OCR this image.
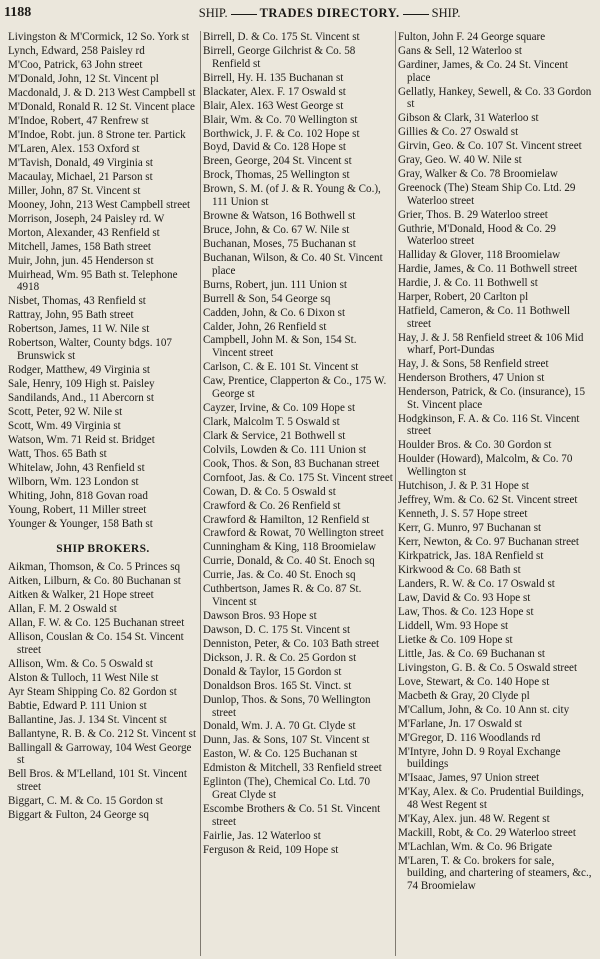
1188	SHIP.	TRADES DIRECTORY.	SHIP.

Livingston & M'Cormick, 12 So. York st

Lynch, Edward, 258 Paisley rd

M'Coo, Patrick, 63 John street

M'Donald, John, 12 St. Vincent pl

Macdonald, J. & D. 213 West Campbell st

M'Donald, Ronald R. 12 St. Vincent place

M'Indoe, Robert, 47 Renfrew st

M'Indoe, Robt. jun. 8 Strone ter. Partick

M'Laren, Alex. 153 Oxford st

M'Tavish, Donald, 49 Virginia st

Macaulay, Michael, 21 Parson st

Miller, John, 87 St. Vincent st

Mooney, John, 213 West Campbell street

Morrison, Joseph, 24 Paisley rd. W

Morton, Alexander, 43 Renfield st

Mitchell, James, 158 Bath street

Muir, John, jun. 45 Henderson st

Muirhead, Wm. 95 Bath st. Telephone 4918

Nisbet, Thomas, 43 Renfield st

Rattray, John, 95 Bath street

Robertson, James, 11 W. Nile st

Robertson, Walter, County bdgs. 107 Brunswick st

Rodger, Matthew, 49 Virginia st

Sale, Henry, 109 High st. Paisley

Sandilands, And., 11 Abercorn st

Scott, Peter, 92 W. Nile st

Scott, Wm. 49 Virginia st

Watson, Wm. 71 Reid st. Bridget

Watt, Thos. 65 Bath st

Whitelaw, John, 43 Renfield st

Wilborn, Wm. 123 London st

Whiting, John, 818 Govan road

Young, Robert, 11 Miller street

Younger & Younger, 158 Bath st

SHIP BROKERS.

Aikman, Thomson, & Co. 5 Princes sq

Aitken, Lilburn, & Co. 80 Buchanan st

Aitken & Walker, 21 Hope street

Allan, F. M. 2 Oswald st

Allan, F. W. & Co. 125 Buchanan street

Allison, Couslan & Co. 154 St. Vincent street

Allison, Wm. & Co. 5 Oswald st

Alston & Tulloch, 11 West Nile st

Ayr Steam Shipping Co. 82 Gordon st

Babtie, Edward P. 111 Union st

Ballantine, Jas. J. 134 St. Vincent st

Ballantyne, R. B. & Co. 212 St. Vincent st

Ballingall & Garroway, 104 West George st

Bell Bros. & M'Lelland, 101 St. Vincent street

Biggart, C. M. & Co. 15 Gordon st

Biggart & Fulton, 24 George sq

Birrell, D. & Co. 175 St. Vincent st

Birrell, George Gilchrist & Co. 58 Renfield st

Birrell, Hy. H. 135 Buchanan st

Blackater, Alex. F. 17 Oswald st

Blair, Alex. 163 West George st

Blair, Wm. & Co. 70 Wellington st

Borthwick, J. F. & Co. 102 Hope st

Boyd, David & Co. 128 Hope st

Breen, George, 204 St. Vincent st

Brock, Thomas, 25 Wellington st

Brown, S. M. (of J. & R. Young & Co.), 111 Union st

Browne & Watson, 16 Bothwell st

Bruce, John, & Co. 67 W. Nile st

Buchanan, Moses, 75 Buchanan st

Buchanan, Wilson, & Co. 40 St. Vincent place

Burns, Robert, jun. 111 Union st

Burrell & Son, 54 George sq

Cadden, John, & Co. 6 Dixon st

Calder, John, 26 Renfield st

Campbell, John M. & Son, 154 St. Vincent street

Carlson, C. & E. 101 St. Vincent st

Caw, Prentice, Clapperton & Co., 175 W. George st

Cayzer, Irvine, & Co. 109 Hope st

Clark, Malcolm T. 5 Oswald st

Clark & Service, 21 Bothwell st

Colvils, Lowden & Co. 111 Union st

Cook, Thos. & Son, 83 Buchanan street

Cornfoot, Jas. & Co. 175 St. Vincent street

Cowan, D. & Co. 5 Oswald st

Crawford & Co. 26 Renfield st

Crawford & Hamilton, 12 Renfield st

Crawford & Rowat, 70 Wellington street

Cunningham & King, 118 Broomielaw

Currie, Donald, & Co. 40 St. Enoch sq

Currie, Jas. & Co. 40 St. Enoch sq

Cuthbertson, James R. & Co. 87 St. Vincent st

Dawson Bros. 93 Hope st

Dawson, D. C. 175 St. Vincent st

Denniston, Peter, & Co. 103 Bath street

Dickson, J. R. & Co. 25 Gordon st

Donald & Taylor, 15 Gordon st

Donaldson Bros. 165 St. Vinct. st

Dunlop, Thos. & Sons, 70 Wellington street

Donald, Wm. J. A. 70 Gt. Clyde st

Dunn, Jas. & Sons, 107 St. Vincent st

Easton, W. & Co. 125 Buchanan st

Edmiston & Mitchell, 33 Renfield street

Eglinton (The), Chemical Co. Ltd. 70 Great Clyde st

Escombe Brothers & Co. 51 St. Vincent street

Fairlie, Jas. 12 Waterloo st

Ferguson & Reid, 109 Hope st

Fulton, John F. 24 George square

Gans & Sell, 12 Waterloo st

Gardiner, James, & Co. 24 St. Vincent place

Gellatly, Hankey, Sewell, & Co. 33 Gordon st

Gibson & Clark, 31 Waterloo st

Gillies & Co. 27 Oswald st

Girvin, Geo. & Co. 107 St. Vincent street

Gray, Geo. W. 40 W. Nile st

Gray, Walker & Co. 78 Broomielaw

Greenock (The) Steam Ship Co. Ltd. 29 Waterloo street

Grier, Thos. B. 29 Waterloo street

Guthrie, M'Donald, Hood & Co. 29 Waterloo street

Halliday & Glover, 118 Broomielaw

Hardie, James, & Co. 11 Bothwell street

Hardie, J. & Co. 11 Bothwell st

Harper, Robert, 20 Carlton pl

Hatfield, Cameron, & Co. 11 Bothwell street

Hay, J. & J. 58 Renfield street & 106 Mid wharf, Port-Dundas

Hay, J. & Sons, 58 Renfield street

Henderson Brothers, 47 Union st

Henderson, Patrick, & Co. (insurance), 15 St. Vincent place

Hodgkinson, F. A. & Co. 116 St. Vincent street

Houlder Bros. & Co. 30 Gordon st

Houlder (Howard), Malcolm, & Co. 70 Wellington st

Hutchison, J. & P. 31 Hope st

Jeffrey, Wm. & Co. 62 St. Vincent street

Kenneth, J. S. 57 Hope street

Kerr, G. Munro, 97 Buchanan st

Kerr, Newton, & Co. 97 Buchanan street

Kirkpatrick, Jas. 18A Renfield st

Kirkwood & Co. 68 Bath st

Landers, R. W. & Co. 17 Oswald st

Law, David & Co. 93 Hope st

Law, Thos. & Co. 123 Hope st

Liddell, Wm. 93 Hope st

Lietke & Co. 109 Hope st

Little, Jas. & Co. 69 Buchanan st

Livingston, G. B. & Co. 5 Oswald street

Love, Stewart, & Co. 140 Hope st

Macbeth & Gray, 20 Clyde pl

M'Callum, John, & Co. 10 Ann st. city

M'Farlane, Jn. 17 Oswald st

M'Gregor, D. 116 Woodlands rd

M'Intyre, John D. 9 Royal Exchange buildings

M'Isaac, James, 97 Union street

M'Kay, Alex. & Co. Prudential Buildings, 48 West Regent st

M'Kay, Alex. jun. 48 W. Regent st

Mackill, Robt, & Co. 29 Waterloo street

M'Lachlan, Wm. & Co. 96 Brigate

M'Laren, T. & Co. brokers for sale, building, and chartering of steamers, &c., 74 Broomielaw
